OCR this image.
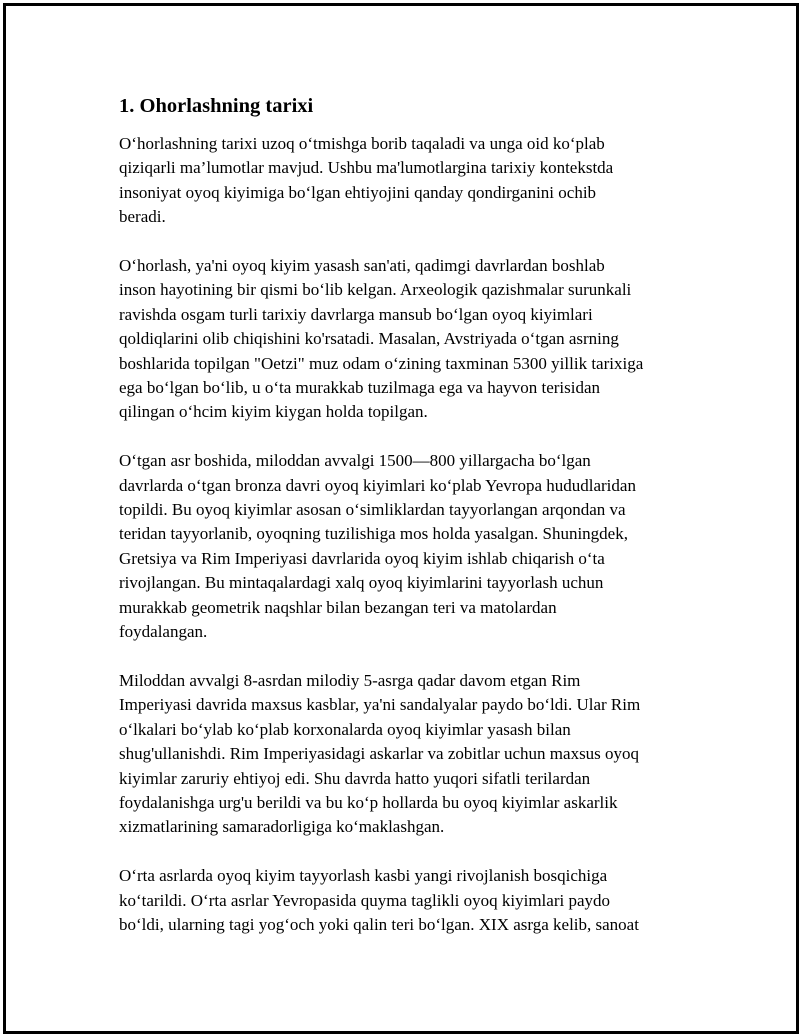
1. Ohorlashning tarixi

O‘horlashning tarixi uzoq o‘tmishga borib taqaladi va unga oid ko‘plab
qiziqarli ma’lumotlar mavjud. Ushbu ma'lumotlargina tarixiy kontekstda
insoniyat oyoq kiyimiga bo‘lgan ehtiyojini qanday qondirganini ochib
beradi.

O‘horlash, ya'ni oyoq kiyim yasash san'ati, qadimgi davrlardan boshlab
inson hayotining bir qismi bo‘lib kelgan. Arxeologik qazishmalar surunkali
ravishda osgam turli tarixiy davrlarga mansub bo‘lgan oyoq kiyimlari
qoldiqlarini olib chiqishini ko'rsatadi. Masalan, Avstriyada o‘tgan asrning
boshlarida topilgan "Oetzi" muz odam o‘zining taxminan 5300 yillik tarixiga
ega bo‘lgan bo‘lib, u o‘ta murakkab tuzilmaga ega va hayvon terisidan
qilingan o‘hcim kiyim kiygan holda topilgan.

O‘tgan asr boshida, miloddan avvalgi 1500—800 yillargacha bo‘lgan
davrlarda o‘tgan bronza davri oyoq kiyimlari ko‘plab Yevropa hududlaridan
topildi. Bu oyoq kiyimlar asosan o‘simliklardan tayyorlangan arqondan va
teridan tayyorlanib, oyoqning tuzilishiga mos holda yasalgan. Shuningdek,
Gretsiya va Rim Imperiyasi davrlarida oyoq kiyim ishlab chiqarish o‘ta
rivojlangan. Bu mintaqalardagi xalq oyoq kiyimlarini tayyorlash uchun
murakkab geometrik naqshlar bilan bezangan teri va matolardan
foydalangan.

Miloddan avvalgi 8-asrdan milodiy 5-asrga qadar davom etgan Rim
Imperiyasi davrida maxsus kasblar, ya'ni sandalyalar paydo bo‘ldi. Ular Rim
o‘lkalari bo‘ylab ko‘plab korxonalarda oyoq kiyimlar yasash bilan
shug'ullanishdi. Rim Imperiyasidagi askarlar va zobitlar uchun maxsus oyoq
kiyimlar zaruriy ehtiyoj edi. Shu davrda hatto yuqori sifatli terilardan
foydalanishga urg'u berildi va bu ko‘p hollarda bu oyoq kiyimlar askarlik
xizmatlarining samaradorligiga ko‘maklashgan.

O‘rta asrlarda oyoq kiyim tayyorlash kasbi yangi rivojlanish bosqichiga
ko‘tarildi. O‘rta asrlar Yevropasida quyma taglikli oyoq kiyimlari paydo
bo‘ldi, ularning tagi yog‘och yoki qalin teri bo‘lgan. XIX asrga kelib, sanoat
